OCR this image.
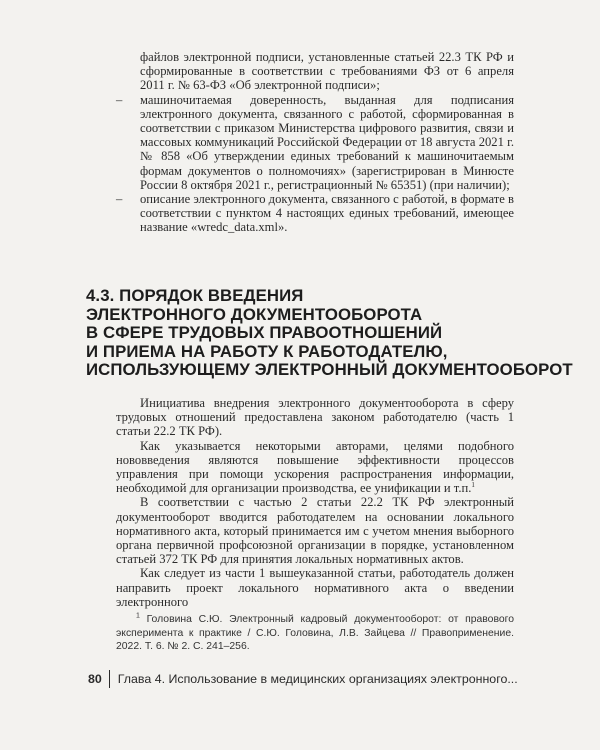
файлов электронной подписи, установленные статьей 22.3 ТК РФ и сформированные в соответствии с требованиями ФЗ от 6 апреля 2011 г. № 63-ФЗ «Об электронной подписи»;

– машиночитаемая доверенность, выданная для подписания электронного документа, связанного с работой, сформированная в соответствии с приказом Министерства цифрового развития, связи и массовых коммуникаций Российской Федерации от 18 августа 2021 г. № 858 «Об утверждении единых требований к машиночитаемым формам документов о полномочиях» (зарегистрирован в Минюсте России 8 октября 2021 г., регистрационный № 65351) (при наличии);

– описание электронного документа, связанного с работой, в формате в соответствии с пунктом 4 настоящих единых требований, имеющее название «wredc_data.xml».

4.3. ПОРЯДОК ВВЕДЕНИЯ
ЭЛЕКТРОННОГО ДОКУМЕНТООБОРОТА
В СФЕРЕ ТРУДОВЫХ ПРАВООТНОШЕНИЙ
И ПРИЕМА НА РАБОТУ К РАБОТОДАТЕЛЮ,
ИСПОЛЬЗУЮЩЕМУ ЭЛЕКТРОННЫЙ ДОКУМЕНТООБОРОТ

Инициатива внедрения электронного документооборота в сферу трудовых отношений предоставлена законом работодателю (часть 1 статьи 22.2 ТК РФ).

Как указывается некоторыми авторами, целями подобного нововведения являются повышение эффективности процессов управления при помощи ускорения распространения информации, необходимой для организации производства, ее унификации и т.п.$^1$

В соответствии с частью 2 статьи 22.2 ТК РФ электронный документооборот вводится работодателем на основании локального нормативного акта, который принимается им с учетом мнения выборного органа первичной профсоюзной организации в порядке, установленном статьей 372 ТК РФ для принятия локальных нормативных актов.

Как следует из части 1 вышеуказанной статьи, работодатель должен направить проект локального нормативного акта о введении электронного

$^1$ Головина С.Ю. Электронный кадровый документооборот: от правового эксперимента к практике / С.Ю. Головина, Л.В. Зайцева // Правоприменение. 2022. Т. 6. № 2. С. 241–256.

80 Глава 4. Использование в медицинских организациях электронного...
